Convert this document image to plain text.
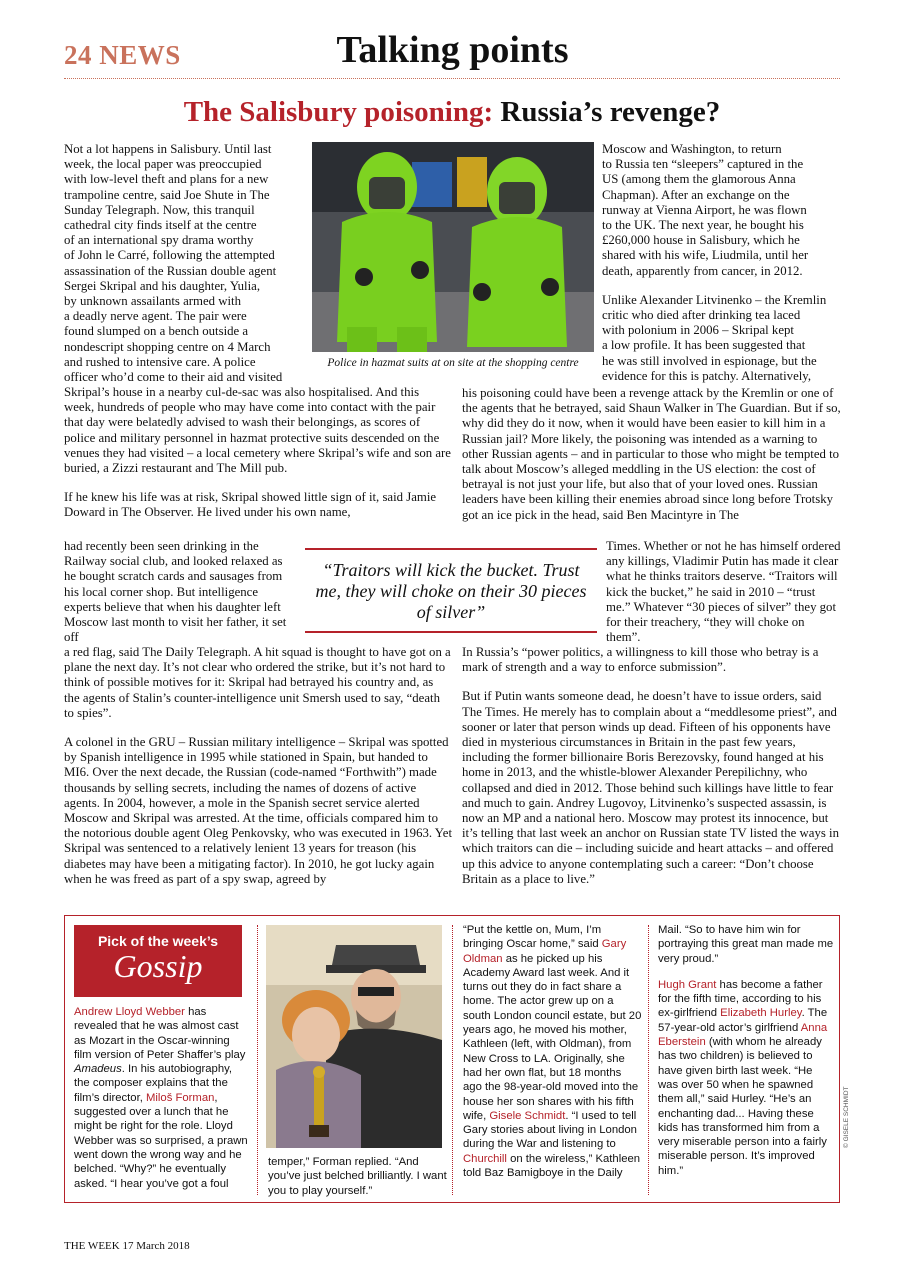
24 NEWS	Talking points
The Salisbury poisoning: Russia’s revenge?
Police in hazmat suits at on site at the shopping centre
Not a lot happens in Salisbury. Until last
week, the local paper was preoccupied
with low-level theft and plans for a new
trampoline centre, said Joe Shute in The
Sunday Telegraph. Now, this tranquil
cathedral city finds itself at the centre
of an international spy drama worthy
of John le Carré, following the attempted
assassination of the Russian double agent
Sergei Skripal and his daughter, Yulia,
by unknown assailants armed with
a deadly nerve agent. The pair were
found slumped on a bench outside a
nondescript shopping centre on 4 March
and rushed to intensive care. A police
officer who’d come to their aid and visited

Skripal’s house in a nearby cul-de-sac was also hospitalised. And this week, hundreds of people who may have come into contact with the pair that day were belatedly advised to wash their belongings, as scores of police and military personnel in hazmat protective suits descended on the venues they had visited – a local cemetery where Skripal’s wife and son are buried, a Zizzi restaurant and The Mill pub.

If he knew his life was at risk, Skripal showed little sign of it, said Jamie Doward in The Observer. He lived under his own name,

had recently been seen drinking in the Railway social club, and looked relaxed as he bought scratch cards and sausages from his local corner shop. But intelligence experts believe that when his daughter left Moscow last month to visit her father, it set off

a red flag, said The Daily Telegraph. A hit squad is thought to have got on a plane the next day. It’s not clear who ordered the strike, but it’s not hard to think of possible motives for it: Skripal had betrayed his country and, as the agents of Stalin’s counter-intelligence unit Smersh used to say, “death to spies”.

A colonel in the GRU – Russian military intelligence – Skripal was spotted by Spanish intelligence in 1995 while stationed in Spain, but handed to MI6. Over the next decade, the Russian (code-named “Forthwith”) made thousands by selling secrets, including the names of dozens of active agents. In 2004, however, a mole in the Spanish secret service alerted Moscow and Skripal was arrested. At the time, officials compared him to the notorious double agent Oleg Penkovsky, who was executed in 1963. Yet Skripal was sentenced to a relatively lenient 13 years for treason (his diabetes may have been a mitigating factor). In 2010, he got lucky again when he was freed as part of a spy swap, agreed by

Moscow and Washington, to return
to Russia ten “sleepers” captured in the
US (among them the glamorous Anna
Chapman). After an exchange on the
runway at Vienna Airport, he was flown
to the UK. The next year, he bought his
£260,000 house in Salisbury, which he
shared with his wife, Liudmila, until her
death, apparently from cancer, in 2012.
Unlike Alexander Litvinenko – the Kremlin
critic who died after drinking tea laced
with polonium in 2006 – Skripal kept
a low profile. It has been suggested that
he was still involved in espionage, but the
evidence for this is patchy. Alternatively,

his poisoning could have been a revenge attack by the Kremlin or one of the agents that he betrayed, said Shaun Walker in The Guardian. But if so, why did they do it now, when it would have been easier to kill him in a Russian jail? More likely, the poisoning was intended as a warning to other Russian agents – and in particular to those who might be tempted to talk about Moscow’s alleged meddling in the US election: the cost of betrayal is not just your life, but also that of your loved ones. Russian leaders have been killing their enemies abroad since long before Trotsky got an ice pick in the head, said Ben Macintyre in The

Times. Whether or not he has himself ordered any killings, Vladimir Putin has made it clear what he thinks traitors deserve. “Traitors will kick the bucket,” he said in 2010 – “trust me.” Whatever “30 pieces of silver” they got for their treachery, “they will choke on them”.

In Russia’s “power politics, a willingness to kill those who betray is a mark of strength and a way to enforce submission”.

But if Putin wants someone dead, he doesn’t have to issue orders, said The Times. He merely has to complain about a “meddlesome priest”, and sooner or later that person winds up dead. Fifteen of his opponents have died in mysterious circumstances in Britain in the past few years, including the former billionaire Boris Berezovsky, found hanged at his home in 2013, and the whistle-blower Alexander Perepilichny, who collapsed and died in 2012. Those behind such killings have little to fear and much to gain. Andrey Lugovoy, Litvinenko’s suspected assassin, is now an MP and a national hero. Moscow may protest its innocence, but it’s telling that last week an anchor on Russian state TV listed the ways in which traitors can die – including suicide and heart attacks – and offered up this advice to anyone contemplating such a career: “Don’t choose Britain as a place to live.”

“Traitors will kick the bucket. Trust me, they will choke on their 30 pieces of silver”
Pick of the week’s
Gossip
Andrew Lloyd Webber has revealed that he was almost cast as Mozart in the Oscar-winning film version of Peter Shaffer’s play Amadeus. In his autobiography, the composer explains that the film’s director, Miloš Forman, suggested over a lunch that he might be right for the role. Lloyd Webber was so surprised, a prawn went down the wrong way and he belched. “Why?” he eventually asked. “I hear you’ve got a foul
temper,” Forman replied. “And you’ve just belched brilliantly. I want you to play yourself.”
“Put the kettle on, Mum, I’m bringing Oscar home,” said Gary Oldman as he picked up his Academy Award last week. And it turns out they do in fact share a home. The actor grew up on a south London council estate, but 20 years ago, he moved his mother, Kathleen (left, with Oldman), from New Cross to LA. Originally, she had her own flat, but 18 months ago the 98-year-old moved into the house her son shares with his fifth wife, Gisele Schmidt. “I used to tell Gary stories about living in London during the War and listening to Churchill on the wireless,” Kathleen told Baz Bamigboye in the Daily

Mail. “So to have him win for portraying this great man made me very proud.”

Hugh Grant has become a father for the fifth time, according to his ex-girlfriend Elizabeth Hurley. The 57-year-old actor’s girlfriend Anna Eberstein (with whom he already has two children) is believed to have given birth last week. “He was over 50 when he spawned them all,” said Hurley. “He’s an enchanting dad... Having these kids has transformed him from a very miserable person into a fairly miserable person. It’s improved him.”

© GISELE SCHMIDT
THE WEEK 17 March 2018
